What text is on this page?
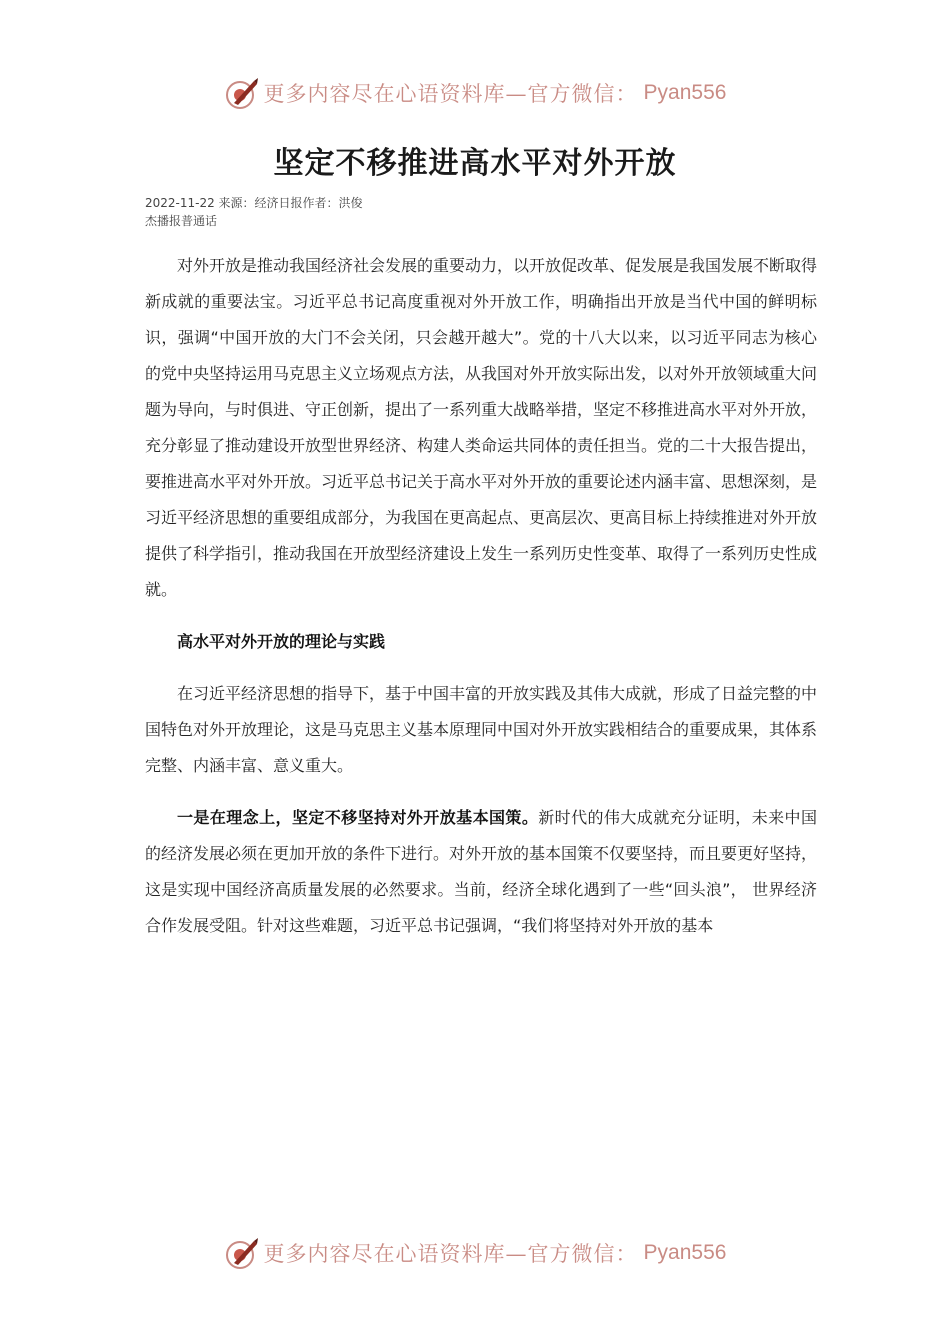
更多内容尽在心语资料库—官方微信： Pyan556
坚定不移推进高水平对外开放
2022-11-22 来源：经济日报作者：洪俊
杰播报普通话

对外开放是推动我国经济社会发展的重要动力，以开放促改革、促发展是我国发展不断取得新成就的重要法宝。习近平总书记高度重视对外开放工作，明确指出开放是当代中国的鲜明标识，强调“中国开放的大门不会关闭，只会越开越大”。党的十八大以来，以习近平同志为核心的党中央坚持运用马克思主义立场观点方法，从我国对外开放实际出发，以对外开放领域重大问题为导向，与时俱进、守正创新，提出了一系列重大战略举措，坚定不移推进高水平对外开放，充分彰显了推动建设开放型世界经济、构建人类命运共同体的责任担当。党的二十大报告提出，要推进高水平对外开放。习近平总书记关于高水平对外开放的重要论述内涵丰富、思想深刻，是习近平经济思想的重要组成部分，为我国在更高起点、更高层次、更高目标上持续推进对外开放提供了科学指引，推动我国在开放型经济建设上发生一系列历史性变革、取得了一系列历史性成就。

高水平对外开放的理论与实践

在习近平经济思想的指导下，基于中国丰富的开放实践及其伟大成就，形成了日益完整的中国特色对外开放理论，这是马克思主义基本原理同中国对外开放实践相结合的重要成果，其体系完整、内涵丰富、意义重大。

一是在理念上，坚定不移坚持对外开放基本国策。新时代的伟大成就充分证明，未来中国的经济发展必须在更加开放的条件下进行。对外开放的基本国策不仅要坚持，而且要更好坚持，这是实现中国经济高质量发展的必然要求。当前，经济全球化遇到了一些“回头浪”， 世界经济合作发展受阻。针对这些难题，习近平总书记强调，“我们将坚持对外开放的基本

更多内容尽在心语资料库—官方微信： Pyan556
